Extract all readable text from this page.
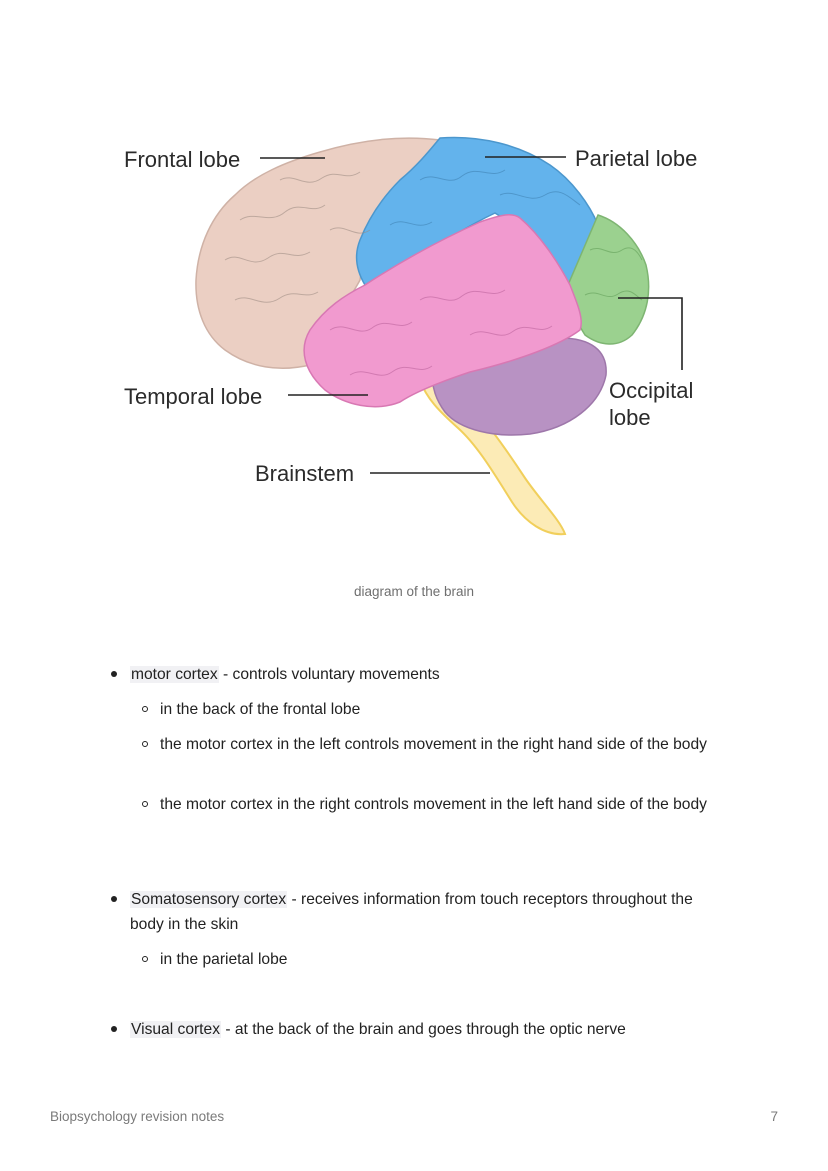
Frontal lobe	Parietal lobe
Temporal lobe	Occipital
lobe
Brainstem
diagram of the brain
motor cortex - controls voluntary movements
in the back of the frontal lobe
the motor cortex in the left controls movement in the right hand side of the body
the motor cortex in the right controls movement in the left hand side of the body
Somatosensory cortex - receives information from touch receptors throughout the body in the skin
in the parietal lobe
Visual cortex - at the back of the brain and goes through the optic nerve
Biopsychology revision notes	7
